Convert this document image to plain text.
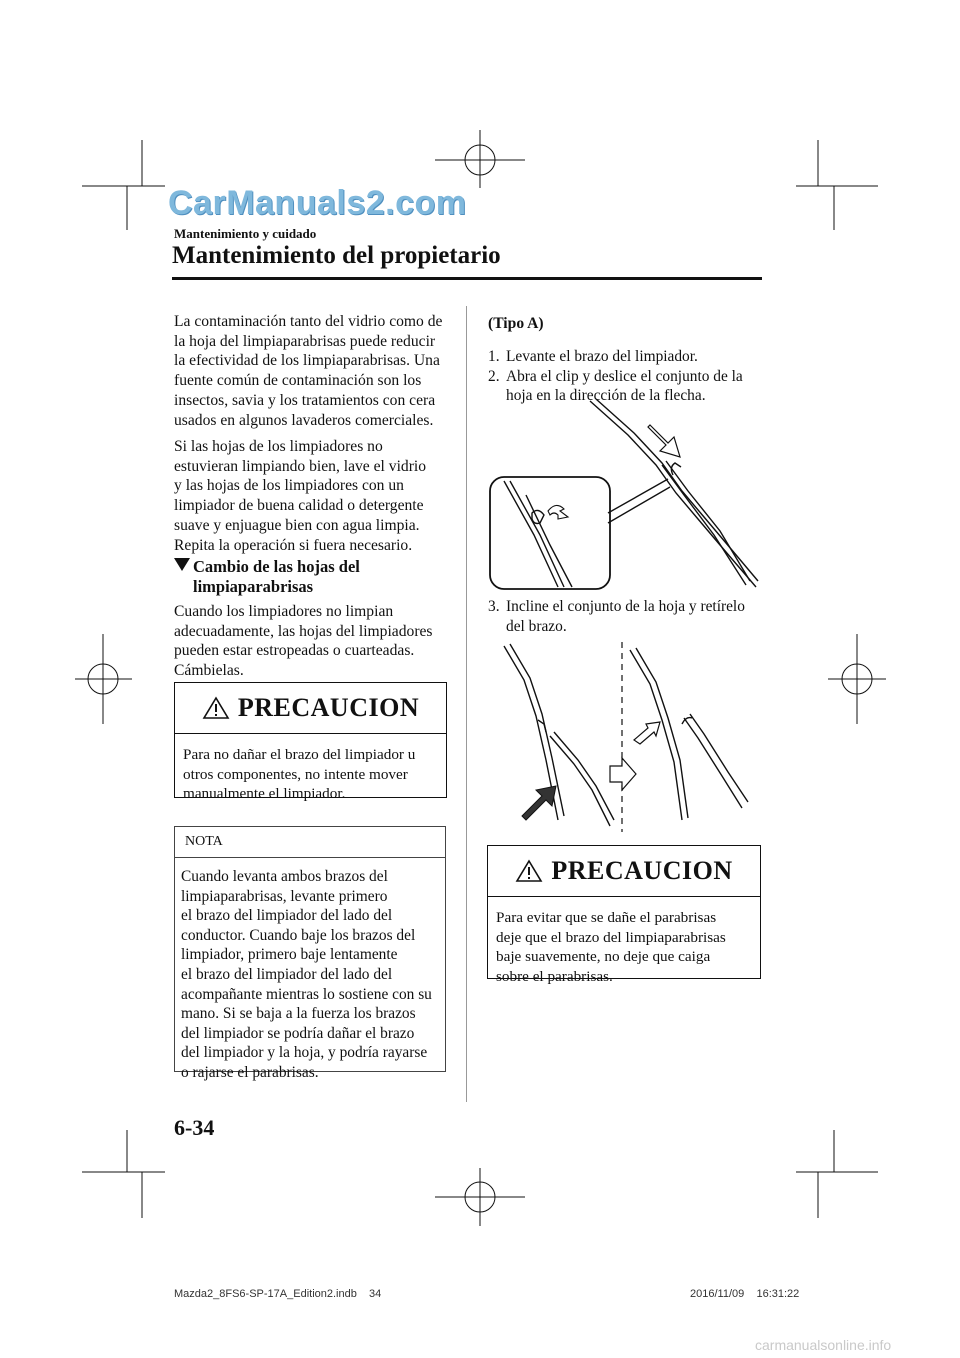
CarManuals2.com
Mantenimiento y cuidado
Mantenimiento del propietario

La contaminación tanto del vidrio como de
la hoja del limpiaparabrisas puede reducir
la efectividad de los limpiaparabrisas. Una
fuente común de contaminación son los
insectos, savia y los tratamientos con cera
usados en algunos lavaderos comerciales.

Si las hojas de los limpiadores no
estuvieran limpiando bien, lave el vidrio
y las hojas de los limpiadores con un
limpiador de buena calidad o detergente
suave y enjuague bien con agua limpia.
Repita la operación si fuera necesario.

Cambio de las hojas del
limpiaparabrisas

Cuando los limpiadores no limpian
adecuadamente, las hojas del limpiadores
pueden estar estropeadas o cuarteadas.
Cámbielas.

PRECAUCION
Para no dañar el brazo del limpiador u
otros componentes, no intente mover
manualmente el limpiador.
NOTA
Cuando levanta ambos brazos del
limpiaparabrisas, levante primero
el brazo del limpiador del lado del
conductor. Cuando baje los brazos del
limpiador, primero baje lentamente
el brazo del limpiador del lado del
acompañante mientras lo sostiene con su
mano. Si se baja a la fuerza los brazos
del limpiador se podría dañar el brazo
del limpiador y la hoja, y podría rayarse
o rajarse el parabrisas.
(Tipo A)
1. Levante el brazo del limpiador.
2. Abra el clip y deslice el conjunto de la
hoja en la dirección de la flecha.
3. Incline el conjunto de la hoja y retírelo
del brazo.
PRECAUCION
Para evitar que se dañe el parabrisas
deje que el brazo del limpiaparabrisas
baje suavemente, no deje que caiga
sobre el parabrisas.
6-34
Mazda2_8FS6-SP-17A_Edition2.indb    34	2016/11/09    16:31:22
carmanualsonline.info
